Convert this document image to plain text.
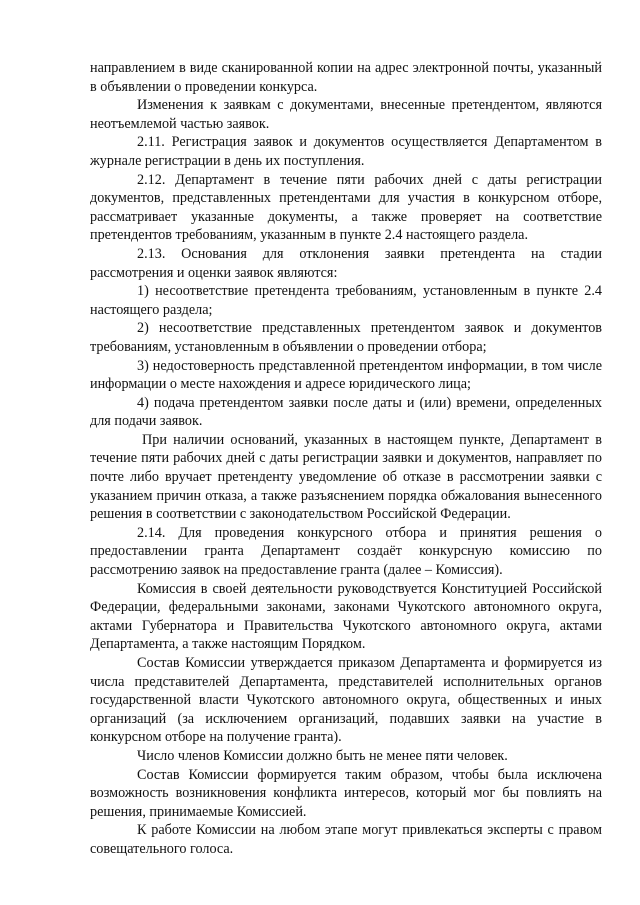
направлением в виде сканированной копии на адрес электронной почты, указанный в объявлении о проведении конкурса.

Изменения к заявкам с документами, внесенные претендентом, являются неотъемлемой частью заявок.

2.11. Регистрация заявок и документов осуществляется Департаментом в журнале регистрации в день их поступления.

2.12. Департамент в течение пяти рабочих дней с даты регистрации документов, представленных претендентами для участия в конкурсном отборе, рассматривает указанные документы, а также проверяет на соответствие претендентов требованиям, указанным в пункте 2.4 настоящего раздела.

2.13. Основания для отклонения заявки претендента на стадии рассмотрения и оценки заявок являются:

1) несоответствие претендента требованиям, установленным в пункте 2.4 настоящего раздела;

2) несоответствие представленных претендентом заявок и документов требованиям, установленным в объявлении о проведении отбора;

3) недостоверность представленной претендентом информации, в том числе информации о месте нахождения и адресе юридического лица;

4) подача претендентом заявки после даты и (или) времени, определенных для подачи заявок.

При наличии оснований, указанных в настоящем пункте, Департамент в течение пяти рабочих дней с даты регистрации заявки и документов, направляет по почте либо вручает претенденту уведомление об отказе в рассмотрении заявки с указанием причин отказа, а также разъяснением порядка обжалования вынесенного решения в соответствии с законодательством Российской Федерации.

2.14. Для проведения конкурсного отбора и принятия решения о предоставлении гранта Департамент создаёт конкурсную комиссию по рассмотрению заявок на предоставление гранта (далее – Комиссия).

Комиссия в своей деятельности руководствуется Конституцией Российской Федерации, федеральными законами, законами Чукотского автономного округа, актами Губернатора и Правительства Чукотского автономного округа, актами Департамента, а также настоящим Порядком.

Состав Комиссии утверждается приказом Департамента и формируется из числа представителей Департамента, представителей исполнительных органов государственной власти Чукотского автономного округа, общественных и иных организаций (за исключением организаций, подавших заявки на участие в конкурсном отборе на получение гранта).

Число членов Комиссии должно быть не менее пяти человек.

Состав Комиссии формируется таким образом, чтобы была исключена возможность возникновения конфликта интересов, который мог бы повлиять на решения, принимаемые Комиссией.

К работе Комиссии на любом этапе могут привлекаться эксперты с правом совещательного голоса.
